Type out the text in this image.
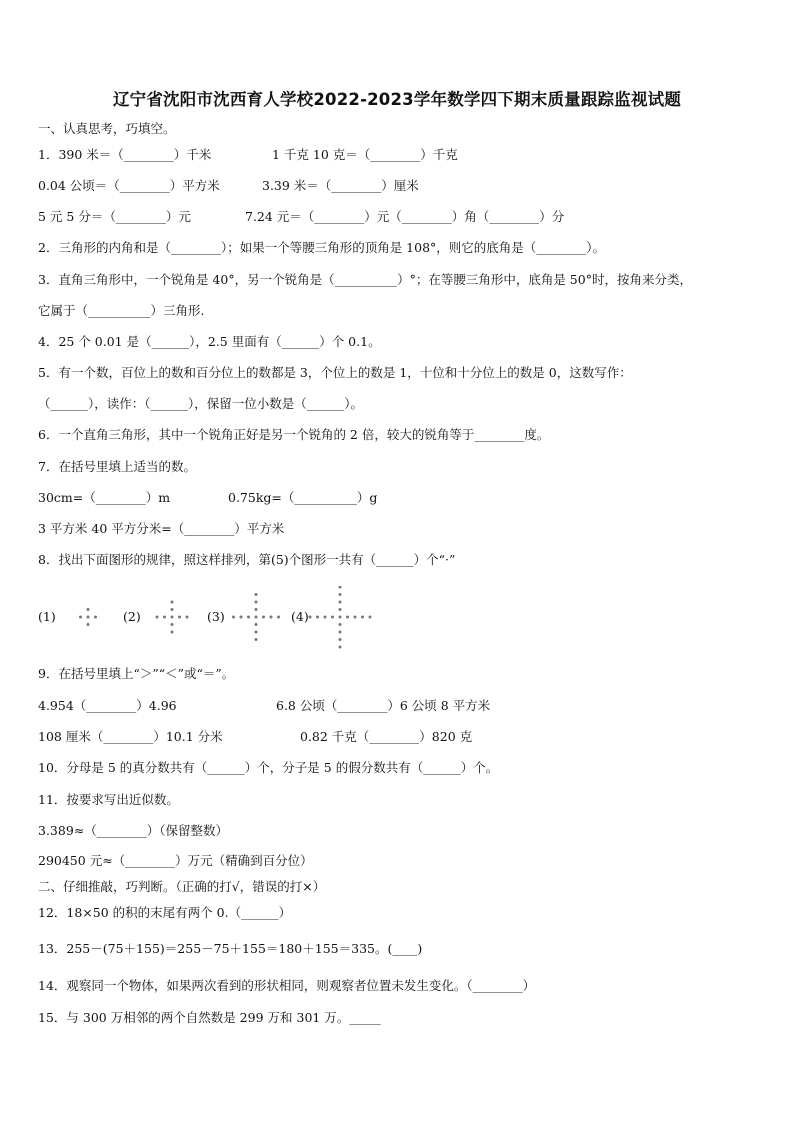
辽宁省沈阳市沈西育人学校2022-2023学年数学四下期末质量跟踪监视试题
一、认真思考，巧填空。
1．390 米＝（________）千米	1 千克 10 克＝（________）千克
0.04 公顷＝（________）平方米	3.39 米＝（________）厘米
5 元 5 分＝（________）元	7.24 元＝（________）元（________）角（________）分
2．三角形的内角和是（________）；如果一个等腰三角形的顶角是 108°，则它的底角是（________）。
3．直角三角形中，一个锐角是 40°，另一个锐角是（__________）°；在等腰三角形中，底角是 50°时，按角来分类，
它属于（__________）三角形.
4．25 个 0.01 是（______），2.5 里面有（______）个 0.1。
5．有一个数，百位上的数和百分位上的数都是 3，个位上的数是 1，十位和十分位上的数是 0，这数写作：
（______），读作：（______），保留一位小数是（______）。
6．一个直角三角形，其中一个锐角正好是另一个锐角的 2 倍，较大的锐角等于________度。
7．在括号里填上适当的数。
30cm=（________）m	0.75kg=（__________）g
3 平方米 40 平方分米=（________）平方米
8．找出下面图形的规律，照这样排列，第(5)个图形一共有（______）个“·”
(1)	(2)	(3)	(4)
9．在括号里填上“＞”“＜”或“＝”。
4.954（________）4.96	6.8 公顷（________）6 公顷 8 平方米
108 厘米（________）10.1 分米	0.82 千克（________）820 克
10．分母是 5 的真分数共有（______）个，分子是 5 的假分数共有（______）个。
11．按要求写出近似数。
3.389≈（________）（保留整数）
290450 元≈（________）万元（精确到百分位）
二、仔细推敲，巧判断。（正确的打√，错误的打×）
12．18×50 的积的末尾有两个 0.（______）
13．255－(75＋155)＝255－75＋155＝180＋155＝335。(____)
14．观察同一个物体，如果两次看到的形状相同，则观察者位置未发生变化。（________）
15．与 300 万相邻的两个自然数是 299 万和 301 万。_____
